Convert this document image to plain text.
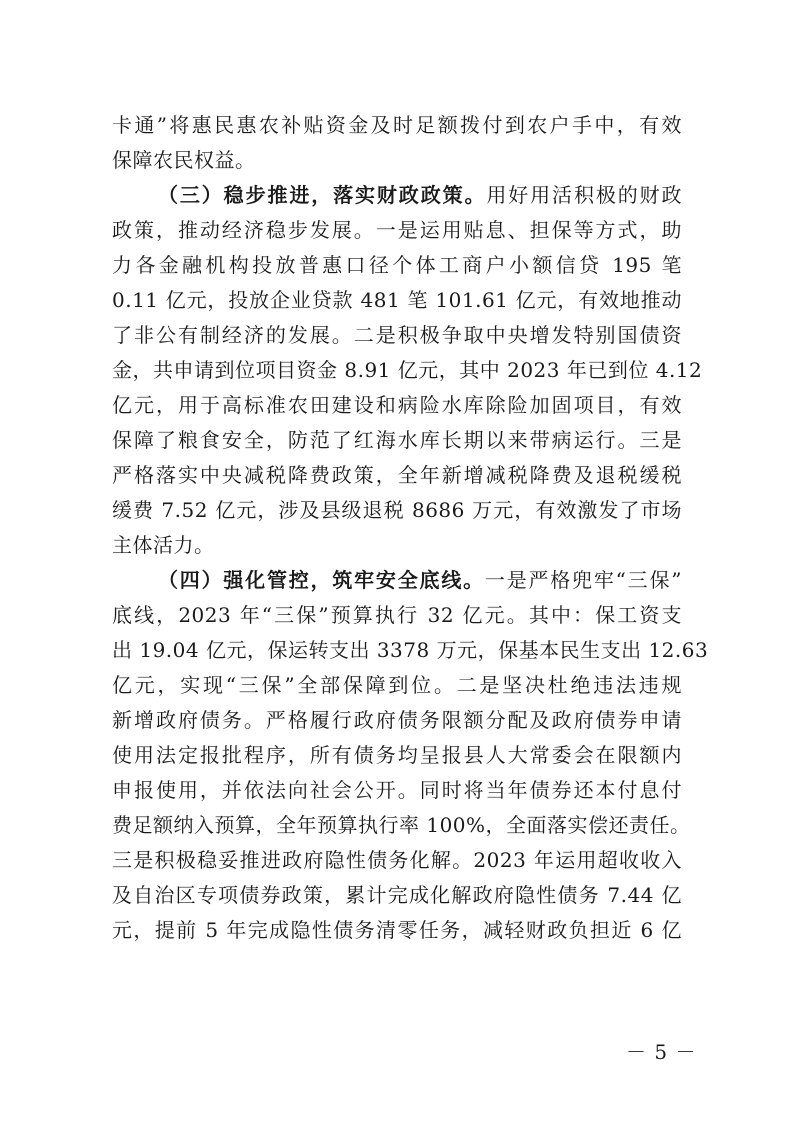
卡通”将惠民惠农补贴资金及时足额拨付到农户手中，有效
保障农民权益。
（三）稳步推进，落实财政政策。用好用活积极的财政
政策，推动经济稳步发展。一是运用贴息、担保等方式，助
力各金融机构投放普惠口径个体工商户小额信贷 195 笔
0.11 亿元，投放企业贷款 481 笔 101.61 亿元，有效地推动
了非公有制经济的发展。二是积极争取中央增发特别国债资
金，共申请到位项目资金 8.91 亿元，其中 2023 年已到位 4.12
亿元，用于高标准农田建设和病险水库除险加固项目，有效
保障了粮食安全，防范了红海水库长期以来带病运行。三是
严格落实中央减税降费政策，全年新增减税降费及退税缓税
缓费 7.52 亿元，涉及县级退税 8686 万元，有效激发了市场
主体活力。
（四）强化管控，筑牢安全底线。一是严格兜牢“三保”
底线，2023 年“三保”预算执行 32 亿元。其中：保工资支
出 19.04 亿元，保运转支出 3378 万元，保基本民生支出 12.63
亿元，实现“三保”全部保障到位。二是坚决杜绝违法违规
新增政府债务。严格履行政府债务限额分配及政府债券申请
使用法定报批程序，所有债务均呈报县人大常委会在限额内
申报使用，并依法向社会公开。同时将当年债券还本付息付
费足额纳入预算，全年预算执行率 100%，全面落实偿还责任。
三是积极稳妥推进政府隐性债务化解。2023 年运用超收收入
及自治区专项债券政策，累计完成化解政府隐性债务 7.44 亿
元，提前 5 年完成隐性债务清零任务，减轻财政负担近 6 亿
－ 5 －
